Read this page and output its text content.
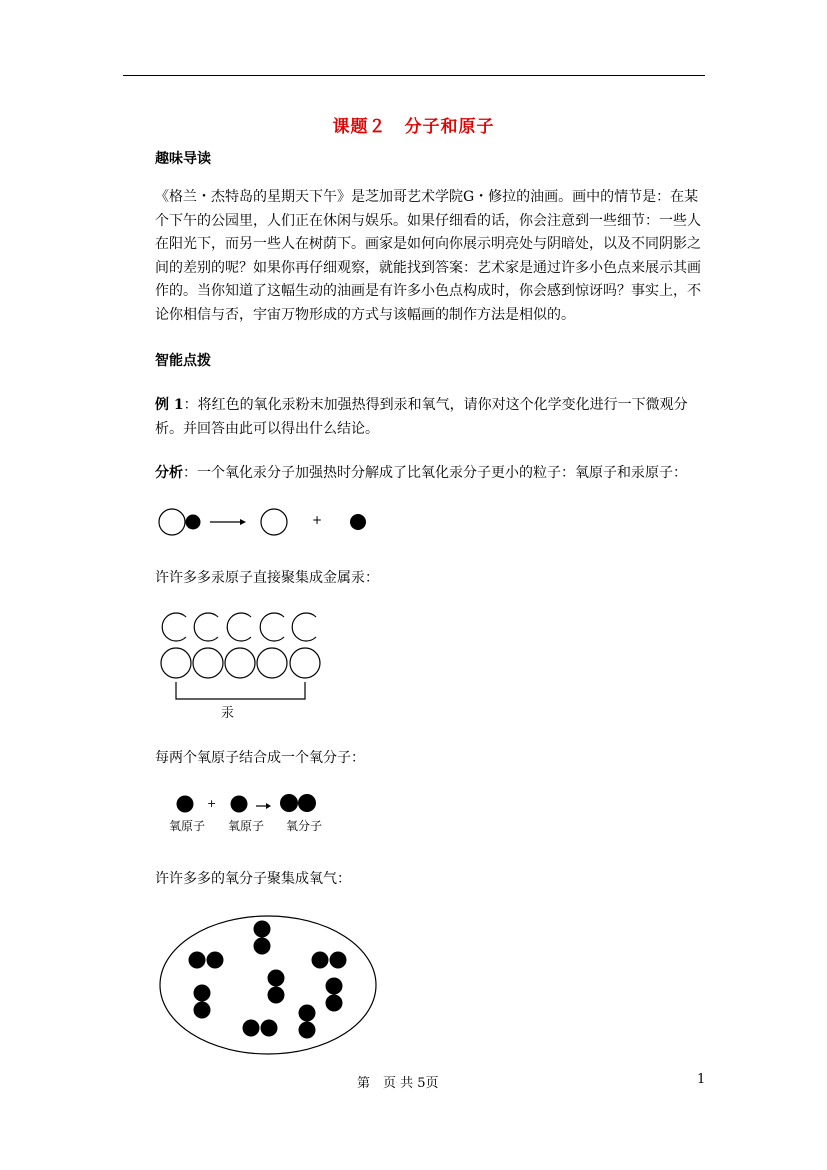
课题２　分子和原子
趣味导读
《格兰・杰特岛的星期天下午》是芝加哥艺术学院G・修拉的油画。画中的情节是：在某个下午的公园里，人们正在休闲与娱乐。如果仔细看的话，你会注意到一些细节：一些人在阳光下，而另一些人在树荫下。画家是如何向你展示明亮处与阴暗处，以及不同阴影之间的差别的呢？如果你再仔细观察，就能找到答案：艺术家是通过许多小色点来展示其画作的。当你知道了这幅生动的油画是有许多小色点构成时，你会感到惊讶吗？事实上，不论你相信与否，宇宙万物形成的方式与该幅画的制作方法是相似的。
智能点拨
例 1：将红色的氧化汞粉末加强热得到汞和氧气，请你对这个化学变化进行一下微观分析。并回答由此可以得出什么结论。
分析：一个氧化汞分子加强热时分解成了比氧化汞分子更小的粒子：氧原子和汞原子：
+
汞
+
氧原子 氧原子 氧分子
许许多多汞原子直接聚集成金属汞：
每两个氧原子结合成一个氧分子：
许许多多的氧分子聚集成氧气：
第　页 共 5页	1
